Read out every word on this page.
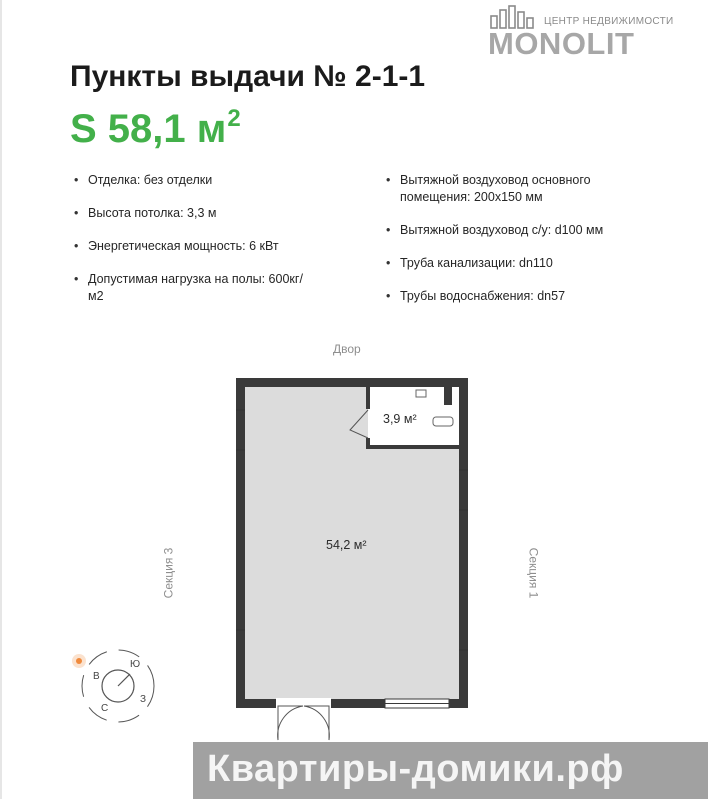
ЦЕНТР НЕДВИЖИМОСТИ
MONOLIT
Пункты выдачи № 2-1-1
S 58,1 $м^2$
• Отделка: без отделки
• Высота потолка: 3,3 м
• Энергетическая мощность: 6 кВт
• Допустимая нагрузка на полы: 600кг/м2
• Вытяжной воздуховод основного помещения: 200x150 мм
• Вытяжной воздуховод с/у: d100 мм
• Труба канализации: dn110
• Трубы водоснабжения: dn57
Двор
Секция 3	Секция 1
54,2 м²
3,9 м²
Ю
В
З
С
Квартиры-домики.рф
